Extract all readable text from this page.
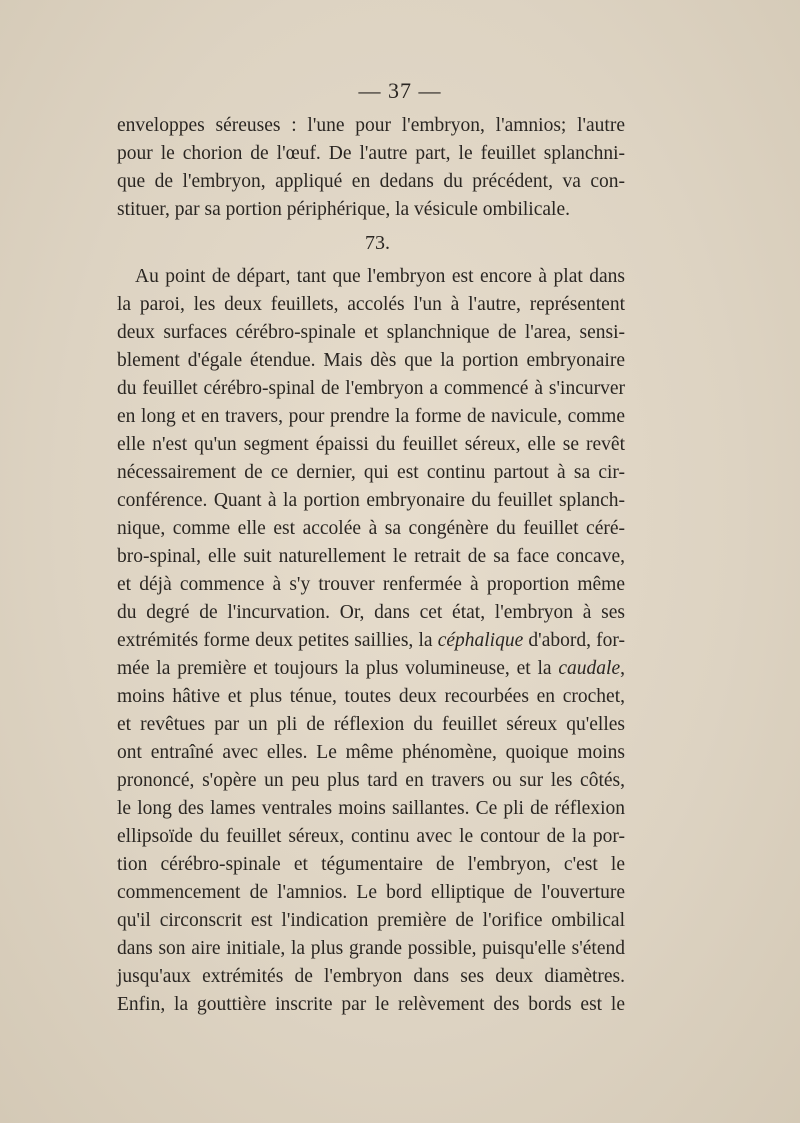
— 37 —
enveloppes séreuses : l'une pour l'embryon, l'amnios; l'autre
pour le chorion de l'œuf. De l'autre part, le feuillet splanchni-
que de l'embryon, appliqué en dedans du précédent, va con-
stituer, par sa portion périphérique, la vésicule ombilicale.
73.
Au point de départ, tant que l'embryon est encore à plat dans
la paroi, les deux feuillets, accolés l'un à l'autre, représentent
deux surfaces cérébro-spinale et splanchnique de l'area, sensi-
blement d'égale étendue. Mais dès que la portion embryonaire
du feuillet cérébro-spinal de l'embryon a commencé à s'incurver
en long et en travers, pour prendre la forme de navicule, comme
elle n'est qu'un segment épaissi du feuillet séreux, elle se revêt
nécessairement de ce dernier, qui est continu partout à sa cir-
conférence. Quant à la portion embryonaire du feuillet splanch-
nique, comme elle est accolée à sa congénère du feuillet céré-
bro-spinal, elle suit naturellement le retrait de sa face concave,
et déjà commence à s'y trouver renfermée à proportion même
du degré de l'incurvation. Or, dans cet état, l'embryon à ses
extrémités forme deux petites saillies, la céphalique d'abord, for-
mée la première et toujours la plus volumineuse, et la caudale,
moins hâtive et plus ténue, toutes deux recourbées en crochet,
et revêtues par un pli de réflexion du feuillet séreux qu'elles
ont entraîné avec elles. Le même phénomène, quoique moins
prononcé, s'opère un peu plus tard en travers ou sur les côtés,
le long des lames ventrales moins saillantes. Ce pli de réflexion
ellipsoïde du feuillet séreux, continu avec le contour de la por-
tion cérébro-spinale et tégumentaire de l'embryon, c'est le
commencement de l'amnios. Le bord elliptique de l'ouverture
qu'il circonscrit est l'indication première de l'orifice ombilical
dans son aire initiale, la plus grande possible, puisqu'elle s'étend
jusqu'aux extrémités de l'embryon dans ses deux diamètres.
Enfin, la gouttière inscrite par le relèvement des bords est le
